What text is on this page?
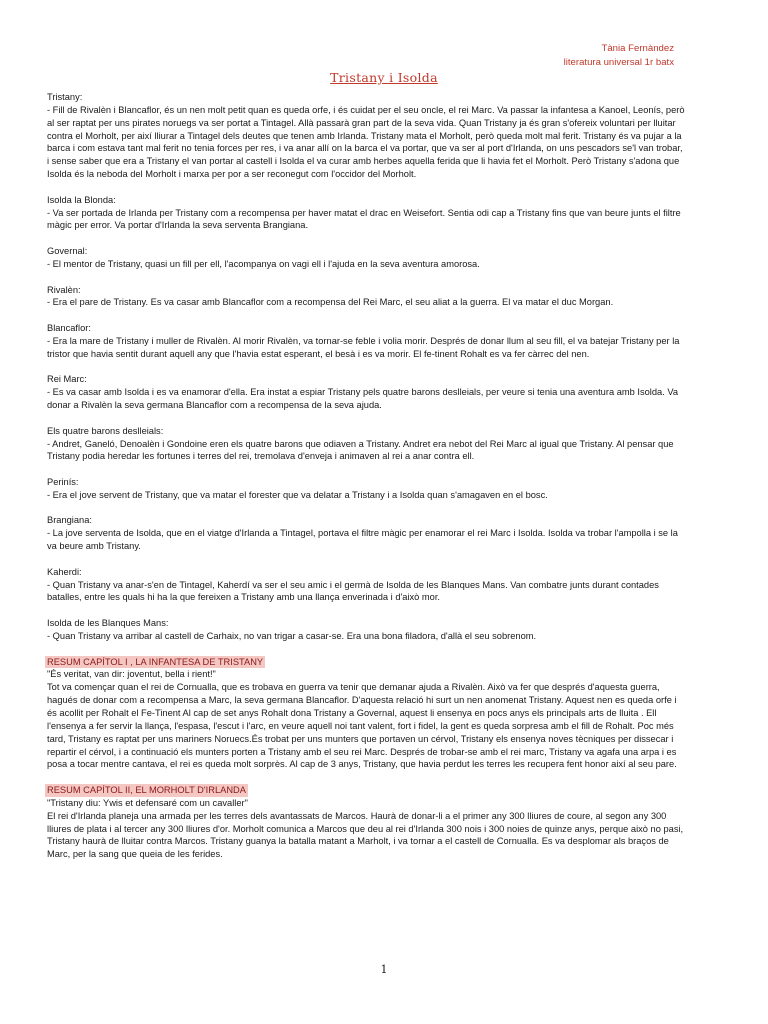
Tània Fernàndez
literatura universal 1r batx
Tristany i Isolda
Tristany:
- Fill de Rivalèn i Blancaflor, és un nen molt petit quan es queda orfe, i és cuidat per el seu oncle, el rei Marc. Va passar la infantesa a Kanoel, Leonís, però al ser raptat per uns pirates noruegs va ser portat a Tintagel. Allà passarà gran part de la seva vida. Quan Tristany ja és gran s'ofereix voluntari per lluitar contra el Morholt, per així lliurar a Tintagel dels deutes que tenen amb Irlanda. Tristany mata el Morholt, però queda molt mal ferit. Tristany és va pujar a la barca i com estava tant mal ferit no tenia forces per res, i va anar allí on la barca el va portar, que va ser al port d'Irlanda, on uns pescadors se'l van trobar, i sense saber que era a Tristany el van portar al castell i Isolda el va curar amb herbes aquella ferida que li havia fet el Morholt. Però Tristany s'adona que Isolda és la neboda del Morholt i marxa per por a ser reconegut com l'occidor del Morholt.
Isolda la Blonda:
- Va ser portada de Irlanda per Tristany com a recompensa per haver matat el drac en Weisefort. Sentia odi cap a Tristany fins que van beure junts el filtre màgic per error. Va portar d'Irlanda la seva serventa Brangiana.
Governal:
- El mentor de Tristany, quasi un fill per ell, l'acompanya on vagi ell i l'ajuda en la seva aventura amorosa.
Rivalèn:
- Era el pare de Tristany. Es va casar amb Blancaflor com a recompensa del Rei Marc, el seu aliat a la guerra. El va matar el duc Morgan.
Blancaflor:
- Era la mare de Tristany i muller de Rivalèn. Al morir Rivalèn, va tornar-se feble i volia morir. Després de donar llum al seu fill, el va batejar Tristany per la tristor que havia sentit durant aquell any que l'havia estat esperant, el besà i es va morir. El fe-tinent Rohalt es va fer càrrec del nen.
Rei Marc:
- Es va casar amb Isolda i es va enamorar d'ella. Era instat a espiar Tristany pels quatre barons deslleials, per veure si tenia una aventura amb Isolda. Va donar a Rivalèn la seva germana Blancaflor com a recompensa de la seva ajuda.
Els quatre barons deslleials:
- Andret, Ganeló, Denoalèn i Gondoine eren els quatre barons que odiaven a Tristany. Andret era nebot del Rei Marc al igual que Tristany. Al pensar que Tristany podia heredar les fortunes i terres del rei, tremolava d'enveja i animaven al rei a anar contra ell.
Perinís:
- Era el jove servent de Tristany, que va matar el forester que va delatar a Tristany i a Isolda quan s'amagaven en el bosc.
Brangiana:
- La jove serventa de Isolda, que en el viatge d'Irlanda a Tintagel, portava el filtre màgic per enamorar el rei Marc i Isolda. Isolda va trobar l'ampolla i se la va beure amb Tristany.
Kaherdi:
- Quan Tristany va anar-s'en de Tintagel, Kaherdí va ser el seu amic i el germà de Isolda de les Blanques Mans. Van combatre junts durant contades batalles, entre les quals hi ha la que fereixen a Tristany amb una llança enverinada i d'això mor.
Isolda de les Blanques Mans:
- Quan Tristany va arribar al castell de Carhaix, no van trigar a casar-se. Era una bona filadora, d'allà el seu sobrenom.
RESUM CAPÍTOL I , LA INFANTESA DE TRISTANY
"És veritat, van dir: joventut, bella i rient!"
Tot va començar quan el rei de Cornualla, que es trobava en guerra va tenir que demanar ajuda a Rivalèn. Això va fer que després d'aquesta guerra, hagués de donar com a recompensa a Marc, la seva germana Blancaflor. D'aquesta relació hi surt un nen anomenat Tristany. Aquest nen es queda orfe i és acollit per Rohalt el Fe-Tinent Al cap de set anys Rohalt dona Tristany a Governal, aquest li ensenya en pocs anys els principals arts de lluita . Ell l'ensenya a fer servir la llança, l'espasa, l'escut i l'arc, en veure aquell noi tant valent, fort i fidel, la gent es queda sorpresa amb el fill de Rohalt. Poc més tard, Tristany es raptat per uns mariners Noruecs.És trobat per uns munters que portaven un cérvol, Tristany els ensenya noves tècniques per dissecar i repartir el cérvol, i a continuació els munters porten a Tristany amb el seu rei Marc. Després de trobar-se amb el rei marc, Tristany va agafa una arpa i es posa a tocar mentre cantava, el rei es queda molt sorprès. Al cap de 3 anys, Tristany, que havia perdut les terres les recupera fent honor així al seu pare.
RESUM CAPÍTOL II, EL MORHOLT D'IRLANDA
"Tristany diu: Ywis et defensaré com un cavaller"
El rei d'Irlanda planeja una armada per les terres dels avantassats de Marcos. Haurà de donar-li a el primer any 300 lliures de coure, al segon any 300 lliures de plata i al tercer any 300 lliures d'or. Morholt comunica a Marcos que deu al rei d'Irlanda 300 nois i 300 noies de quinze anys, perque això no pasi, Tristany haurà de lluitar contra Marcos. Tristany guanya la batalla matant a Marholt, i va tornar a el castell de Cornualla. Es va desplomar als braços de Marc, per la sang que queia de les ferides.
1
